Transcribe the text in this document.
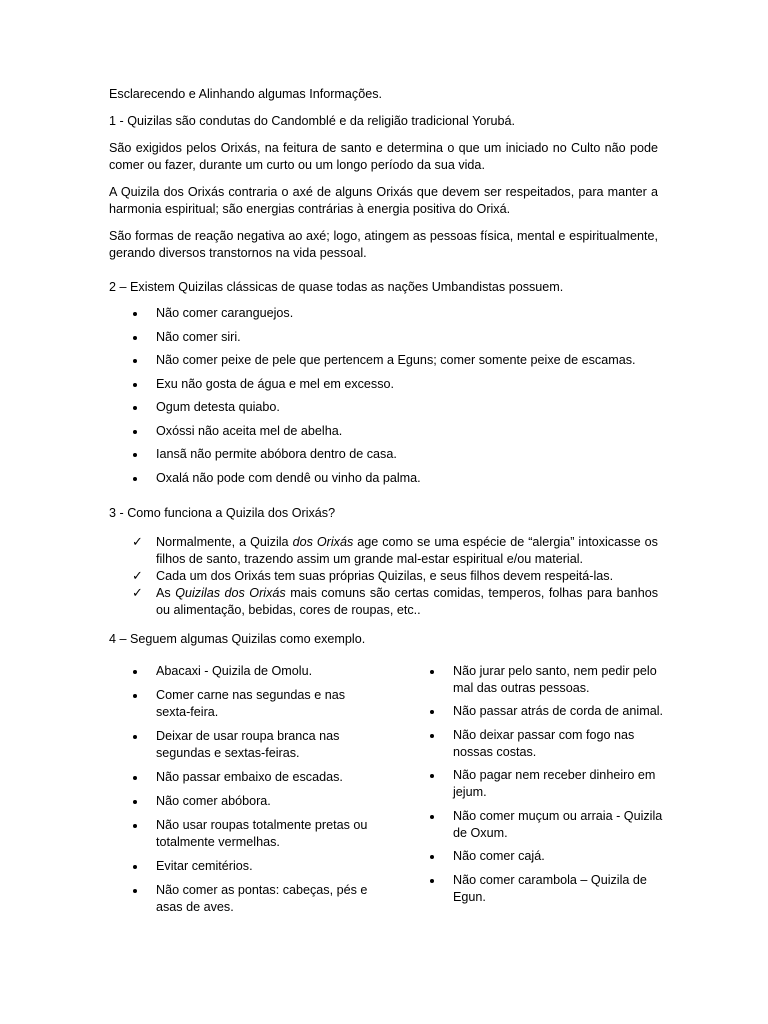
Esclarecendo e Alinhando algumas Informações.

1 - Quizilas são condutas do Candomblé e da religião tradicional Yorubá.

São exigidos pelos Orixás, na feitura de santo e determina o que um iniciado no Culto não pode comer ou fazer, durante um curto ou um longo período da sua vida.

A Quizila dos Orixás contraria o axé de alguns Orixás que devem ser respeitados, para manter a harmonia espiritual; são energias contrárias à energia positiva do Orixá.

São formas de reação negativa ao axé; logo, atingem as pessoas física, mental e espiritualmente, gerando diversos transtornos na vida pessoal.

2 – Existem Quizilas clássicas de quase todas as nações Umbandistas possuem.

Não comer caranguejos.
Não comer siri.
Não comer peixe de pele que pertencem a Eguns; comer somente peixe de escamas.
Exu não gosta de água e mel em excesso.
Ogum detesta quiabo.
Oxóssi não aceita mel de abelha.
Iansã não permite abóbora dentro de casa.
Oxalá não pode com dendê ou vinho da palma.

3 - Como funciona a Quizila dos Orixás?

✓ Normalmente, a Quizila dos Orixás age como se uma espécie de “alergia” intoxicasse os filhos de santo, trazendo assim um grande mal-estar espiritual e/ou material.
✓ Cada um dos Orixás tem suas próprias Quizilas, e seus filhos devem respeitá-las.
✓ As Quizilas dos Orixás mais comuns são certas comidas, temperos, folhas para banhos ou alimentação, bebidas, cores de roupas, etc..

4 – Seguem algumas Quizilas como exemplo.

Abacaxi - Quizila de Omolu.
Comer carne nas segundas e nas sexta-feira.
Deixar de usar roupa branca nas segundas e sextas-feiras.
Não passar embaixo de escadas.
Não comer abóbora.
Não usar roupas totalmente pretas ou totalmente vermelhas.
Evitar cemitérios.
Não comer as pontas: cabeças, pés e asas de aves.
Não jurar pelo santo, nem pedir pelo mal das outras pessoas.
Não passar atrás de corda de animal.
Não deixar passar com fogo nas nossas costas.
Não pagar nem receber dinheiro em jejum.
Não comer muçum ou arraia - Quizila de Oxum.
Não comer cajá.
Não comer carambola – Quizila de Egun.
